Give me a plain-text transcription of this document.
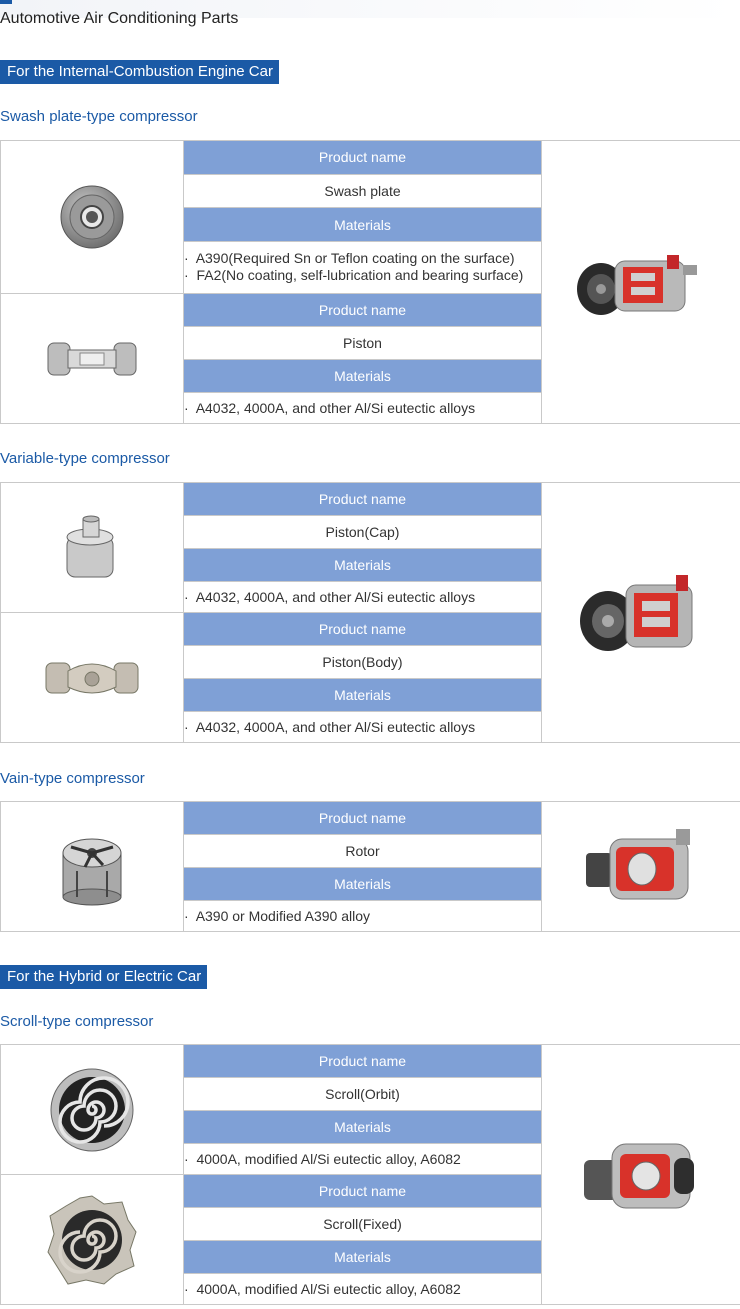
Automotive Air Conditioning Parts
For the Internal-Combustion Engine Car
Swash plate-type compressor
	Product name	
	Swash plate	
	Materials	

	· A390(Required Sn or Teflon coating on the surface)
· FA2(No coating, self-lubrication and bearing surface)	

	Product name	
	Piston	
	Materials	

	· A4032, 4000A, and other Al/Si eutectic alloys	
Variable-type compressor
	Product name	
	Piston(Cap)	
	Materials	

	· A4032, 4000A, and other Al/Si eutectic alloys	

	Product name	
	Piston(Body)	
	Materials	

	· A4032, 4000A, and other Al/Si eutectic alloys	
Vain-type compressor
	Product name	
Rotor
Materials

· A390 or Modified A390 alloy
For the Hybrid or Electric Car
Scroll-type compressor
	Product name	
	Scroll(Orbit)	
	Materials	

	· 4000A, modified Al/Si eutectic alloy, A6082	

	Product name	
	Scroll(Fixed)	
	Materials	

	· 4000A, modified Al/Si eutectic alloy, A6082	
